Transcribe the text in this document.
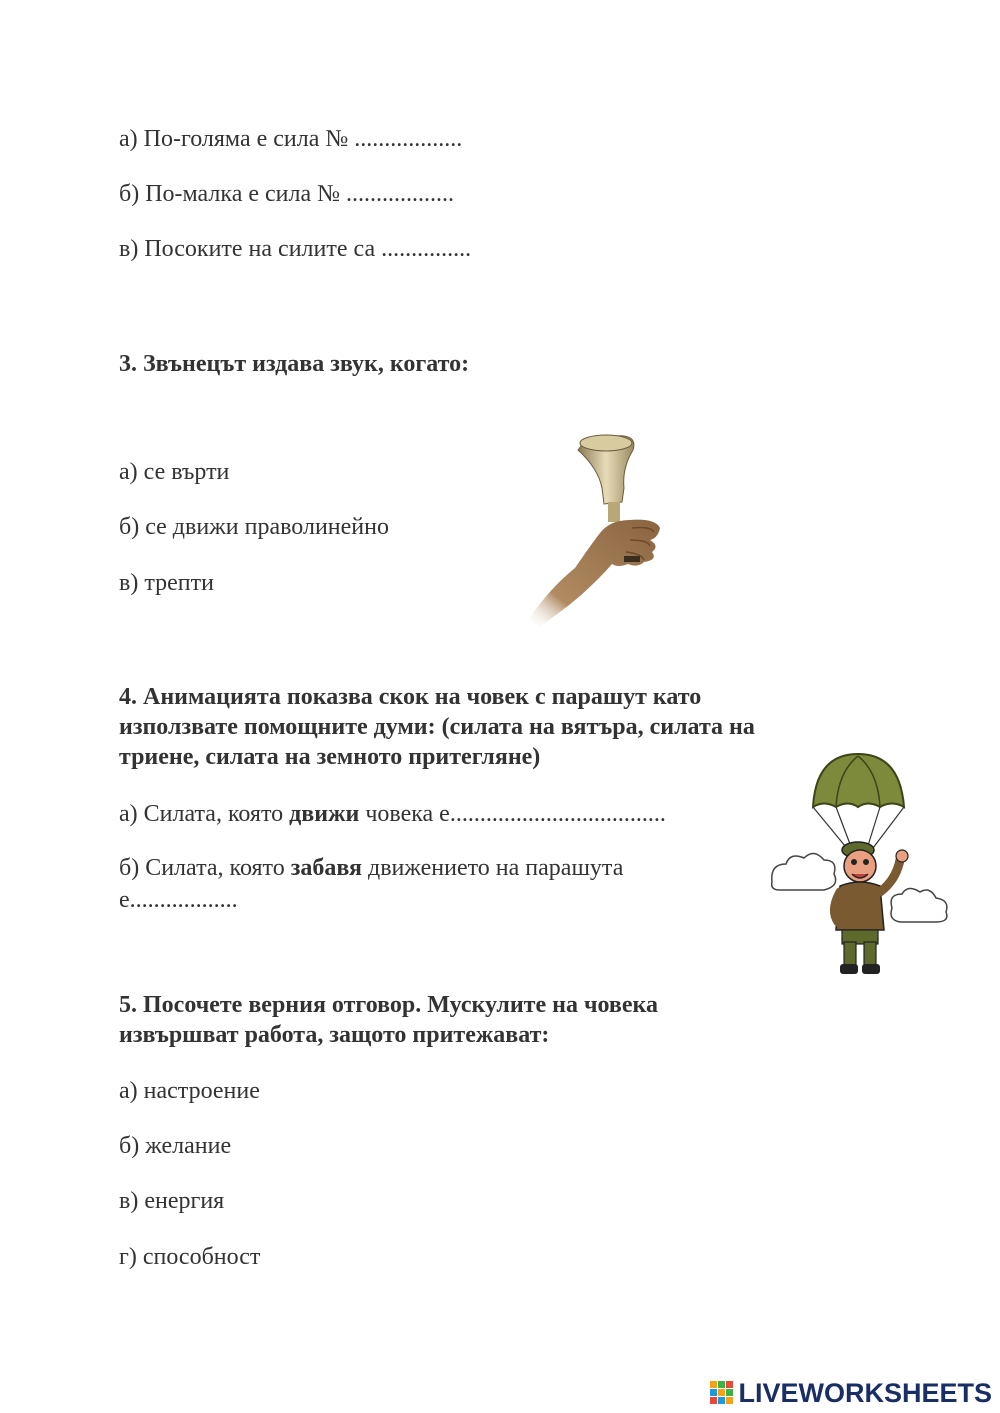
а) По-голяма е сила № ..................
б) По-малка е сила № ..................
в) Посоките на силите са ...............
3. Звънецът издава звук, когато:
а) се върти
б) се движи праволинейно
в) трепти
4. Анимацията показва скок на човек с парашут като
използвате помощните думи: (силата на вятъра, силата на
триене, силата на земното притегляне)
а) Силата, която движи човека е....................................
б) Силата, която забавя движението на парашута е..................
5. Посочете верния отговор. Мускулите на човека
извършват работа, защото притежават:
а) настроение
б) желание
в) енергия
г) способност
LIVEWORKSHEETS
